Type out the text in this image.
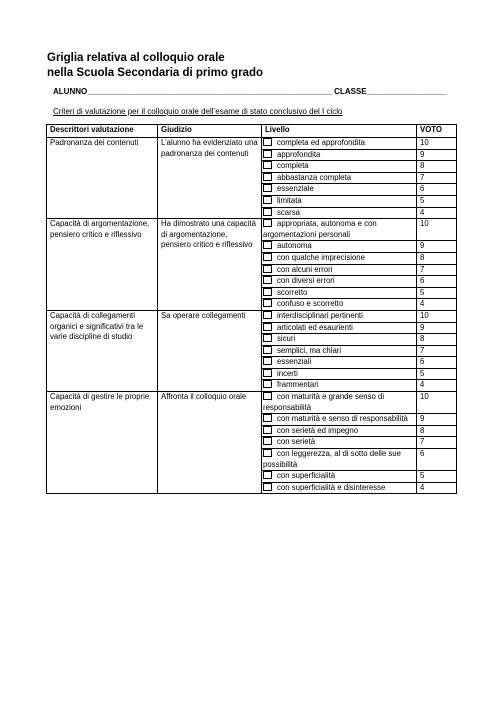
Griglia relativa al colloquio orale
nella Scuola Secondaria di primo grado
ALUNNO_______________________________________________________ CLASSE__________________
Criteri di valutazione per il colloquio orale dell’esame di stato conclusivo del I ciclo
Descrittori valutazione	Giudizio	Livello	VOTO
Padronanza dei contenuti	L’alunno ha evidenziato una padronanza dei contenuti	completa ed approfondita	10
		approfondita	9
		completa	8
		abbastanza completa	7
		essenziale	6
		limitata	5
		scarsa	4
Capacità di argomentazione, pensiero critico e riflessivo	Ha dimostrato una capacità di argomentazione, pensiero critico e riflessivo	appropriata, autonoma e con argomentazioni personali	10
		autonoma	9
		con qualche imprecisione	8
		con alcuni errori	7
		con diversi errori	6
		scorretto	5
		confuso e scorretto	4
Capacità di collegamenti organici e significativi tra le varie discipline di studio	Sa operare collegamenti	interdisciplinari pertinenti	10
		articolati ed esaurienti	9
		sicuri	8
		semplici, ma chiari	7
		essenziali	6
		incerti	5
		frammentari	4
Capacità di gestire le proprie emozioni	Affronta il colloquio orale	con maturità e grande senso di responsabilità	10
		con maturità e senso di responsabilità	9
		con serietà ed impegno	8
		con serietà	7
		con leggerezza, al di sotto delle sue possibilità	6
		con superficialità	5
		con superficialità e disinteresse	4
